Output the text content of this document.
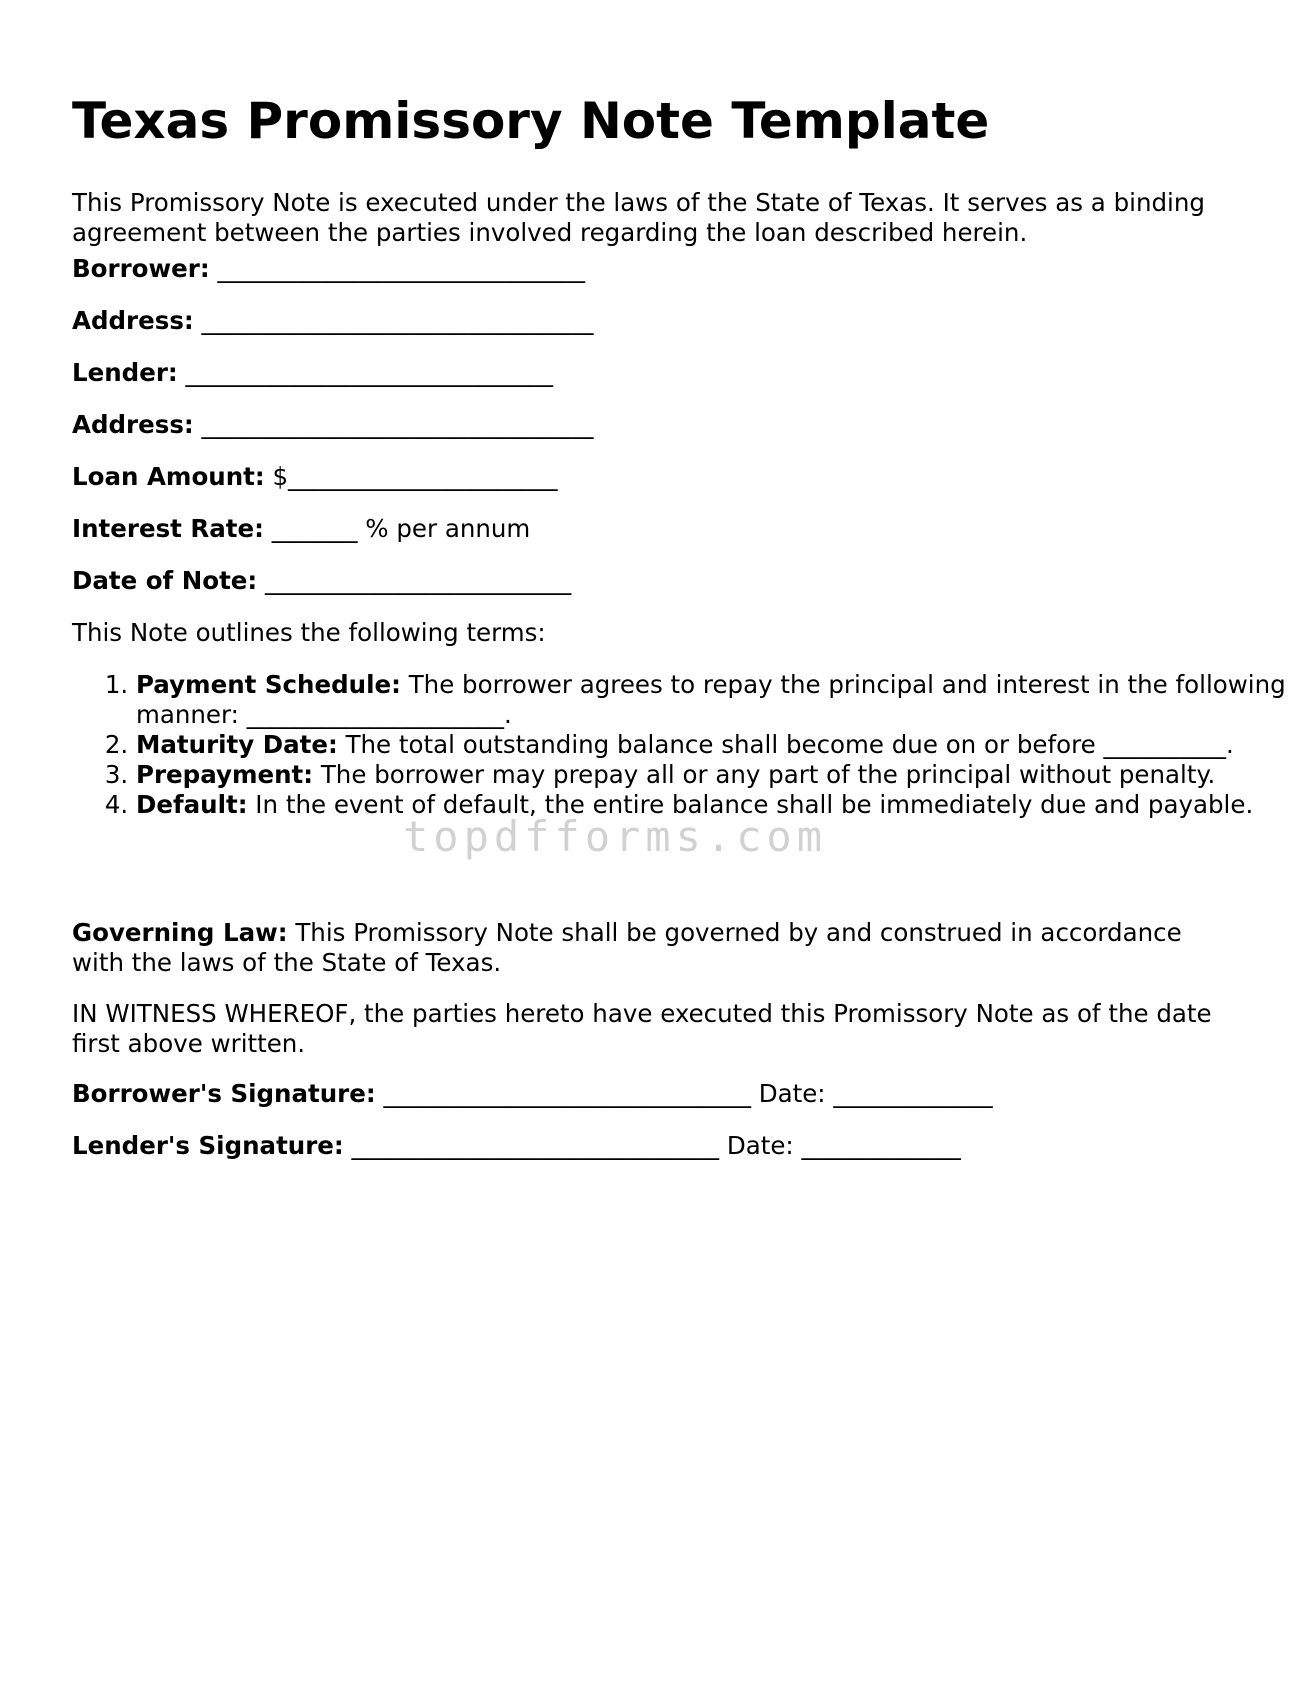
Texas Promissory Note Template

This Promissory Note is executed under the laws of the State of Texas. It serves as a binding agreement between the parties involved regarding the loan described herein.

Borrower: ______________________________

Address: ________________________________

Lender: ______________________________

Address: ________________________________

Loan Amount: $______________________

Interest Rate: _______ % per annum

Date of Note: _________________________

This Note outlines the following terms:

1. Payment Schedule: The borrower agrees to repay the principal and interest in the following manner: _____________________.
2. Maturity Date: The total outstanding balance shall become due on or before __________.
3. Prepayment: The borrower may prepay all or any part of the principal without penalty.
4. Default: In the event of default, the entire balance shall be immediately due and payable.

Governing Law: This Promissory Note shall be governed by and construed in accordance with the laws of the State of Texas.

IN WITNESS WHEREOF, the parties hereto have executed this Promissory Note as of the date first above written.

Borrower's Signature: ______________________________ Date: _____________

Lender's Signature: ______________________________ Date: _____________

topdfforms.com
